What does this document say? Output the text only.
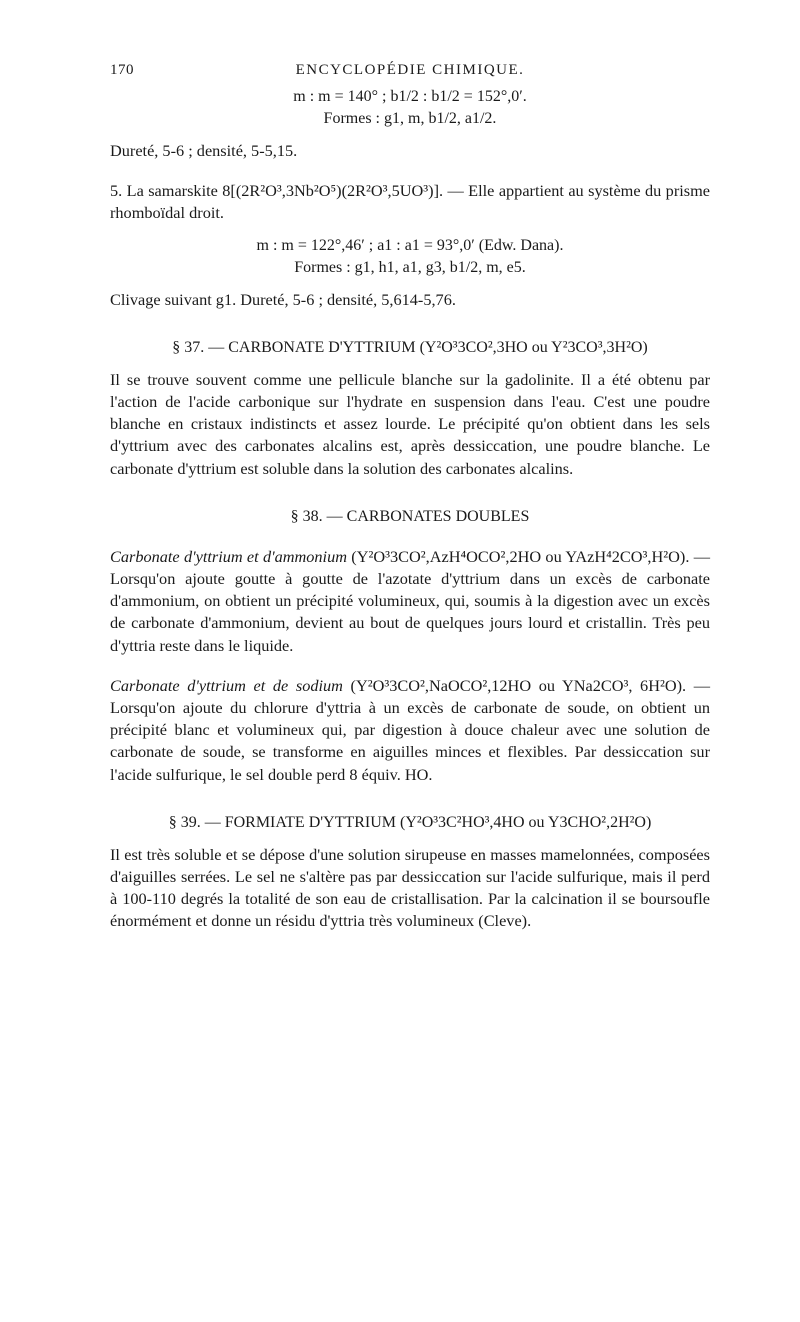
170	ENCYCLOPÉDIE CHIMIQUE.
m : m = 140° ; b1/2 : b1/2 = 152°,0′.
Formes : g1, m, b1/2, a1/2.

Dureté, 5-6 ; densité, 5-5,15.

5. La samarskite 8[(2R²O³,3Nb²O⁵)(2R²O³,5UO³)]. — Elle appartient au système du prisme rhomboïdal droit.

m : m = 122°,46′ ; a1 : a1 = 93°,0′ (Edw. Dana).
Formes : g1, h1, a1, g3, b1/2, m, e5.

Clivage suivant g1. Dureté, 5-6 ; densité, 5,614-5,76.

§ 37. — CARBONATE D'YTTRIUM (Y²O³3CO²,3HO ou Y²3CO³,3H²O)

Il se trouve souvent comme une pellicule blanche sur la gadolinite. Il a été obtenu par l'action de l'acide carbonique sur l'hydrate en suspension dans l'eau. C'est une poudre blanche en cristaux indistincts et assez lourde. Le précipité qu'on obtient dans les sels d'yttrium avec des carbonates alcalins est, après dessiccation, une poudre blanche. Le carbonate d'yttrium est soluble dans la solution des carbonates alcalins.

§ 38. — CARBONATES DOUBLES

Carbonate d'yttrium et d'ammonium (Y²O³3CO²,AzH⁴OCO²,2HO ou YAzH⁴2CO³,H²O). — Lorsqu'on ajoute goutte à goutte de l'azotate d'yttrium dans un excès de carbonate d'ammonium, on obtient un précipité volumineux, qui, soumis à la digestion avec un excès de carbonate d'ammonium, devient au bout de quelques jours lourd et cristallin. Très peu d'yttria reste dans le liquide.

Carbonate d'yttrium et de sodium (Y²O³3CO²,NaOCO²,12HO ou YNa2CO³, 6H²O). — Lorsqu'on ajoute du chlorure d'yttria à un excès de carbonate de soude, on obtient un précipité blanc et volumineux qui, par digestion à douce chaleur avec une solution de carbonate de soude, se transforme en aiguilles minces et flexibles. Par dessiccation sur l'acide sulfurique, le sel double perd 8 équiv. HO.

§ 39. — FORMIATE D'YTTRIUM (Y²O³3C²HO³,4HO ou Y3CHO²,2H²O)

Il est très soluble et se dépose d'une solution sirupeuse en masses mamelonnées, composées d'aiguilles serrées. Le sel ne s'altère pas par dessiccation sur l'acide sulfurique, mais il perd à 100-110 degrés la totalité de son eau de cristallisation. Par la calcination il se boursoufle énormément et donne un résidu d'yttria très volumineux (Cleve).
